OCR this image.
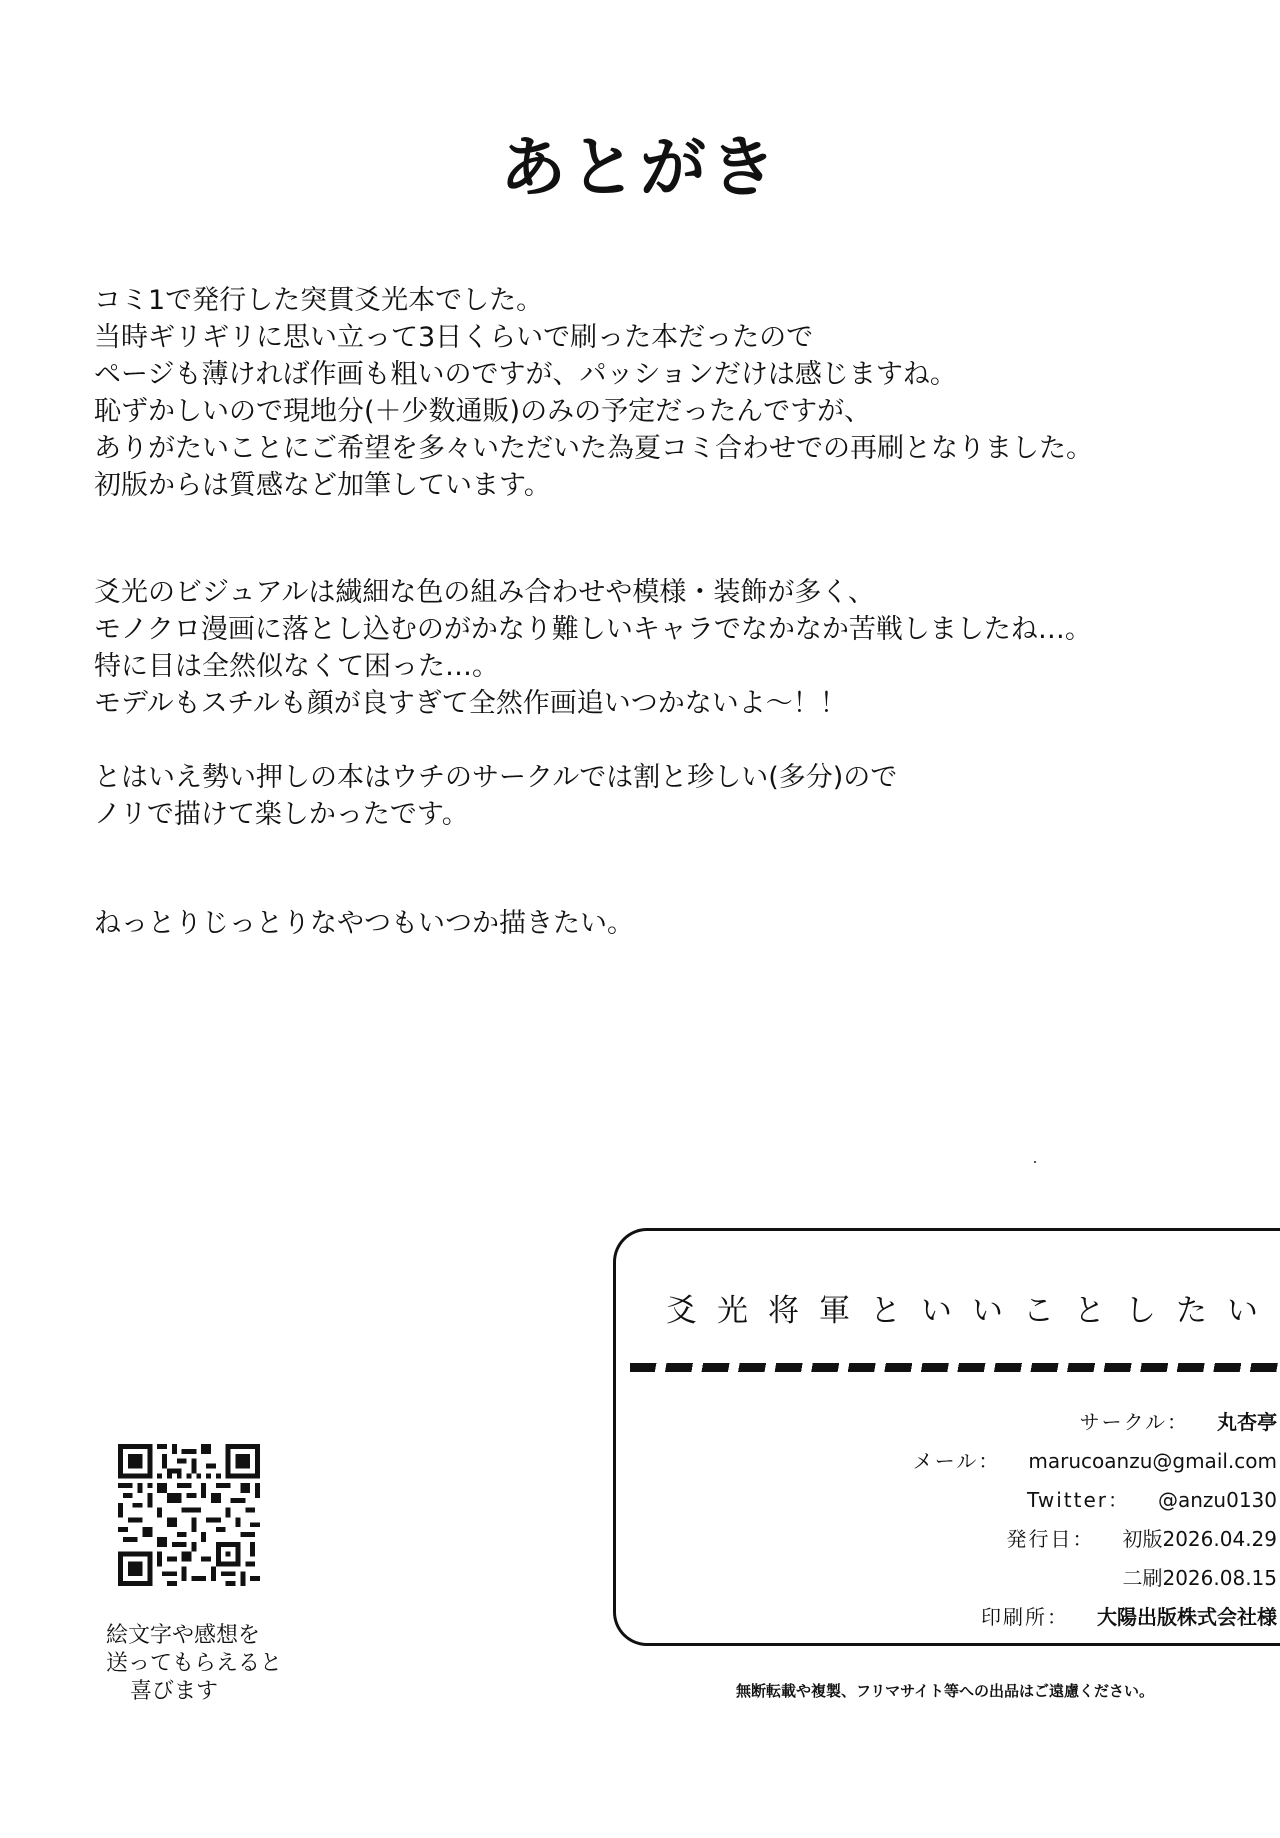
あとがき

コミ1で発行した突貫爻光本でした。
当時ギリギリに思い立って3日くらいで刷った本だったので
ページも薄ければ作画も粗いのですが、パッションだけは感じますね。
恥ずかしいので現地分(＋少数通販)のみの予定だったんですが、
ありがたいことにご希望を多々いただいた為夏コミ合わせでの再刷となりました。
初版からは質感など加筆しています。

爻光のビジュアルは繊細な色の組み合わせや模様・装飾が多く、
モノクロ漫画に落とし込むのがかなり難しいキャラでなかなか苦戦しましたね…。
特に目は全然似なくて困った…。
モデルもスチルも顔が良すぎて全然作画追いつかないよ～！！

とはいえ勢い押しの本はウチのサークルでは割と珍しい(多分)ので
ノリで描けて楽しかったです。

ねっとりじっとりなやつもいつか描きたい。

爻光将軍といいことしたい

サークル： 丸杏亭
メール： marucoanzu@gmail.com
Twitter： @anzu0130
発行日： 初版2026.04.29
二刷2026.08.15
印刷所： 大陽出版株式会社様
絵文字や感想を
送ってもらえると
喜びます	無断転載や複製、フリマサイト等への出品はご遠慮ください。
